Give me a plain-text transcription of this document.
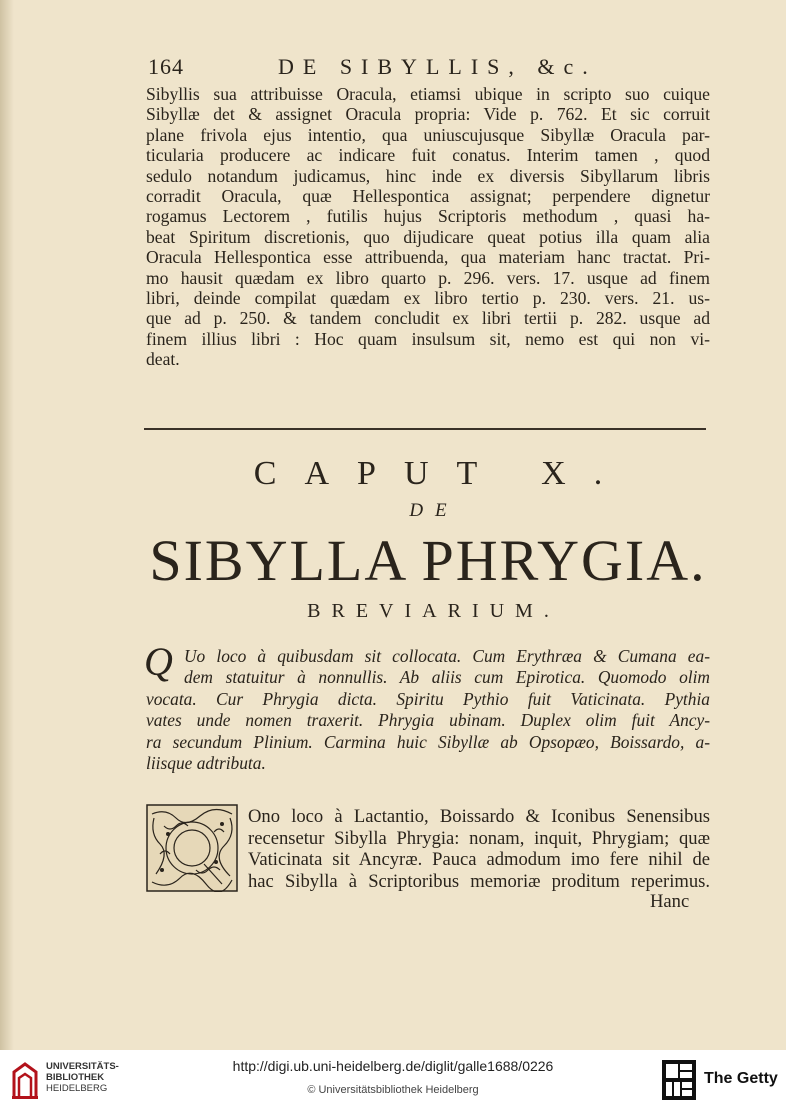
164	DE SIBYLLIS, &c.
Sibyllis sua attribuisse Oracula, etiamsi ubique in scripto suo cuique
Sibyllæ det & assignet Oracula propria: Vide p. 762. Et sic corruit
plane frivola ejus intentio, qua uniuscujusque Sibyllæ Oracula par-
ticularia producere ac indicare fuit conatus. Interim tamen , quod
sedulo notandum judicamus, hinc inde ex diversis Sibyllarum libris
corradit Oracula, quæ Hellespontica assignat; perpendere dignetur
rogamus Lectorem , futilis hujus Scriptoris methodum , quasi ha-
beat Spiritum discretionis, quo dijudicare queat potius illa quam alia
Oracula Hellespontica esse attribuenda, qua materiam hanc tractat. Pri-
mo hausit quædam ex libro quarto p. 296. vers. 17. usque ad finem
libri, deinde compilat quædam ex libro tertio p. 230. vers. 21. us-
que ad p. 250. & tandem concludit ex libri tertii p. 282. usque ad
finem illius libri : Hoc quam insulsum sit, nemo est qui non vi-
deat.
CAPUT X.
DE
SIBYLLA PHRYGIA.
BREVIARIUM.
Q Uo loco à quibusdam sit collocata. Cum Erythræa & Cumana ea-
dem statuitur à nonnullis. Ab aliis cum Epirotica. Quomodo olim
vocata. Cur Phrygia dicta. Spiritu Pythio fuit Vaticinata. Pythia
vates unde nomen traxerit. Phrygia ubinam. Duplex olim fuit Ancy-
ra secundum Plinium. Carmina huic Sibyllæ ab Opsopæo, Boissardo, a-
liisque adtributa.
Ono loco à Lactantio, Boissardo & Iconibus Senensibus
recensetur Sibylla Phrygia: nonam, inquit, Phrygiam; quæ
Vaticinata sit Ancyræ. Pauca admodum imo fere nihil de
hac Sibylla à Scriptoribus memoriæ proditum reperimus.
Hanc
UNIVERSITÄTS-
BIBLIOTHEK
HEIDELBERG
http://digi.ub.uni-heidelberg.de/diglit/galle1688/0226
© Universitätsbibliothek Heidelberg
The Getty
